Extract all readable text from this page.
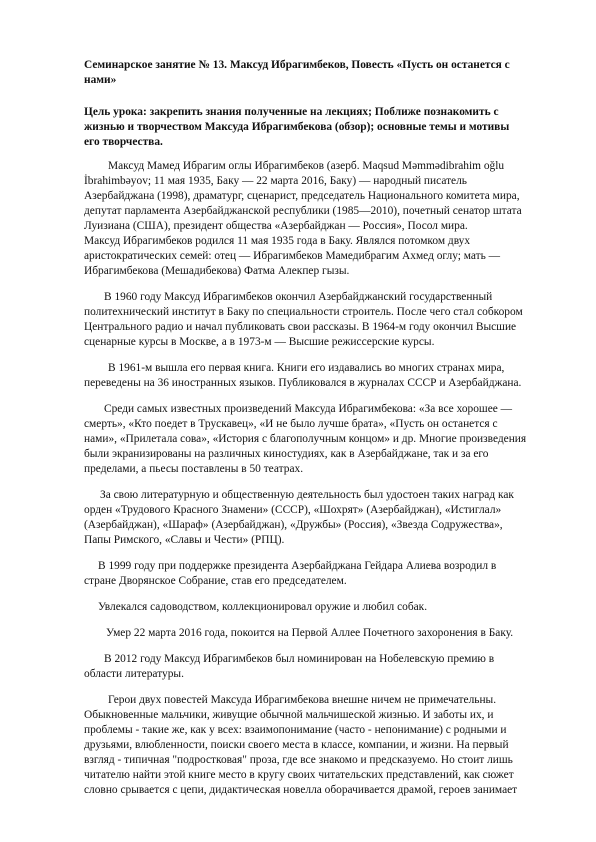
Семинарское занятие № 13. Максуд Ибрагимбеков, Повесть «Пусть он останется с
нами»
Цель урока: закрепить знания полученные на лекциях; Поближе познакомить с
жизнью и творчеством Максуда Ибрагимбекова (обзор); основные темы и мотивы
его творчества.
Максуд Мамед Ибрагим оглы Ибрагимбеков (азерб. Maqsud Məmmədibrahim oğlu
İbrahimbəyov; 11 мая 1935, Баку — 22 марта 2016, Баку) — народный писатель
Азербайджана (1998), драматург, сценарист, председатель Национального комитета мира,
депутат парламента Азербайджанской республики (1985—2010), почетный сенатор штата
Луизиана (США), президент общества «Азербайджан — Россия», Посол мира.
Максуд Ибрагимбеков родился 11 мая 1935 года в Баку. Являлся потомком двух
аристократических семей: отец — Ибрагимбеков Мамедибрагим Ахмед оглу; мать —
Ибрагимбекова (Мешадибекова) Фатма Алекпер гызы.
В 1960 году Максуд Ибрагимбеков окончил Азербайджанский государственный
политехнический институт в Баку по специальности строитель. После чего стал собкором
Центрального радио и начал публиковать свои рассказы. В 1964-м году окончил Высшие
сценарные курсы в Москве, а в 1973-м — Высшие режиссерские курсы.
В 1961-м вышла его первая книга. Книги его издавались во многих странах мира,
переведены на 36 иностранных языков. Публиковался в журналах СССР и Азербайджана.
Среди самых известных произведений Максуда Ибрагимбекова: «За все хорошее —
смерть», «Кто поедет в Трускавец», «И не было лучше брата», «Пусть он останется с
нами», «Прилетала сова», «История с благополучным концом» и др. Многие произведения
были экранизированы на различных киностудиях, как в Азербайджане, так и за его
пределами, а пьесы поставлены в 50 театрах.
За свою литературную и общественную деятельность был удостоен таких наград как
орден «Трудового Красного Знамени» (СССР), «Шохрят» (Азербайджан), «Истиглал»
(Азербайджан), «Шараф» (Азербайджан), «Дружбы» (Россия), «Звезда Содружества»,
Папы Римского, «Славы и Чести» (РПЦ).
В 1999 году при поддержке президента Азербайджана Гейдара Алиева возродил в
стране Дворянское Собрание, став его председателем.
Увлекался садоводством, коллекционировал оружие и любил собак.
Умер 22 марта 2016 года, покоится на Первой Аллее Почетного захоронения в Баку.
В 2012 году Максуд Ибрагимбеков был номинирован на Нобелевскую премию в
области литературы.
Герои двух повестей Максуда Ибрагимбекова внешне ничем не примечательны.
Обыкновенные мальчики, живущие обычной мальчишеской жизнью. И заботы их, и
проблемы - такие же, как у всех: взаимопонимание (часто - непонимание) с родными и
друзьями, влюбленности, поиски своего места в классе, компании, и жизни. На первый
взгляд - типичная "подростковая" проза, где все знакомо и предсказуемо. Но стоит лишь
читателю найти этой книге место в кругу своих читательских представлений, как сюжет
словно срывается с цепи, дидактическая новелла оборачивается драмой, героев занимает
